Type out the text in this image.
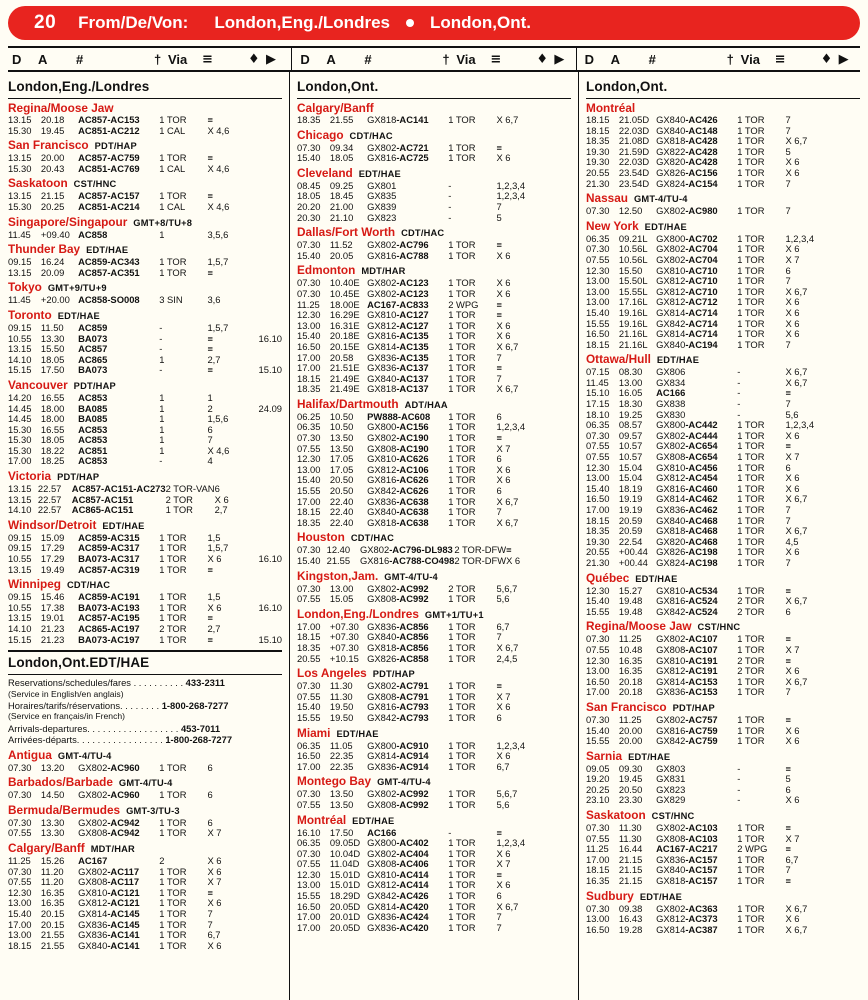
20 From/De/Von: London,Eng./Londres London,Ont.
D A #	† Via ≡	♦ ▶ D A #	† Via ≡	♦ ▶ D A #	† Via ≡	♦ ▶
London,Eng./Londres
Regina/Moose Jaw
13.15	20.18	AC857-AC153	1 TOR	≡	
15.30	19.45	AC851-AC212	1 CAL	X 4,6	
San Francisco PDT/HAP
13.15	20.00	AC857-AC759	1 TOR	≡	
15.30	20.43	AC851-AC769	1 CAL	X 4,6	
Saskatoon CST/HNC
13.15	21.15	AC857-AC157	1 TOR	≡	
15.30	20.25	AC851-AC214	1 CAL	X 4,6	
Singapore/Singapour GMT+8/TU+8
11.45	+09.40	AC858	1	3,5,6	
Thunder Bay EDT/HAE
09.15	16.24	AC859-AC343	1 TOR	1,5,7	
13.15	20.09	AC857-AC351	1 TOR	≡	
Tokyo GMT+9/TU+9
11.45	+20.00	AC858-SO008	3 SIN	3,6	
Toronto EDT/HAE
09.15	11.50	AC859	-	1,5,7	
10.55	13.30	BA073	-	≡	16.10
13.15	15.50	AC857	-	≡	
14.10	18.05	AC865	1	2,7	
15.15	17.50	BA073	-	≡	15.10
Vancouver PDT/HAP
14.20	16.55	AC853	1	1	
14.45	18.00	BA085	1	2	24.09
14.45	18.00	BA085	1	1,5,6	
15.30	16.55	AC853	1	6	
15.30	18.05	AC853	1	7	
15.30	18.22	AC851	1	X 4,6	
17.00	18.25	AC853	-	4	
Victoria PDT/HAP
13.15	22.57	AC857-AC151-AC273	2 TOR-VAN	6	
13.15	22.57	AC857-AC151	2 TOR	X 6	
14.10	22.57	AC865-AC151	1 TOR	2,7	
Windsor/Detroit EDT/HAE
09.15	15.09	AC859-AC315	1 TOR	1,5	
09.15	17.29	AC859-AC317	1 TOR	1,5,7	
10.55	17.29	BA073-AC317	1 TOR	X 6	16.10
13.15	19.49	AC857-AC319	1 TOR	≡	
Winnipeg CDT/HAC
09.15	15.46	AC859-AC191	1 TOR	1,5	
10.55	17.38	BA073-AC193	1 TOR	X 6	16.10
13.15	19.01	AC857-AC195	1 TOR	≡	
14.10	21.23	AC865-AC197	2 TOR	2,7	
15.15	21.23	BA073-AC197	1 TOR	≡	15.10
London,Ont.EDT/HAE
Reservations/schedules/fares . . . . . . . . . . 433-2311
(Service in English/en anglais)
Horaires/tarifs/réservations. . . . . . . . 1-800-268-7277
(Service en français/in French)
Arrivals-departures. . . . . . . . . . . . . . . . . . 453-7011
Arrivées-départs. . . . . . . . . . . . . . . . . 1-800-268-7277
Antigua GMT-4/TU-4
07.30	13.20	GX802-AC960	1 TOR	6	
Barbados/Barbade GMT-4/TU-4
07.30	14.50	GX802-AC960	1 TOR	6	
Bermuda/Bermudes GMT-3/TU-3
07.30	13.30	GX802-AC942	1 TOR	6	
07.55	13.30	GX808-AC942	1 TOR	X 7	
Calgary/Banff MDT/HAR
11.25	15.26	AC167	2	X 6	
07.30	11.20	GX802-AC117	1 TOR	X 6	
07.55	11.20	GX808-AC117	1 TOR	X 7	
12.30	16.35	GX810-AC121	1 TOR	≡	
13.00	16.35	GX812-AC121	1 TOR	X 6	
15.40	20.15	GX814-AC145	1 TOR	7	
17.00	20.15	GX836-AC145	1 TOR	7	
13.00	21.55	GX836-AC141	1 TOR	6,7	
18.15	21.55	GX840-AC141	1 TOR	X 6	
London,Ont.
Calgary/Banff
18.35	21.55	GX818-AC141	1 TOR	X 6,7	
Chicago CDT/HAC
07.30	09.34	GX802-AC721	1 TOR	≡	
15.40	18.05	GX816-AC725	1 TOR	X 6	
Cleveland EDT/HAE
08.45	09.25	GX801	-	1,2,3,4	
18.05	18.45	GX835	-	1,2,3,4	
20.20	21.00	GX839	-	7	
20.30	21.10	GX823	-	5	
Dallas/Fort Worth CDT/HAC
07.30	11.52	GX802-AC796	1 TOR	≡	
15.40	20.05	GX816-AC788	1 TOR	X 6	
Edmonton MDT/HAR
07.30	10.40E	GX802-AC123	1 TOR	X 6	
07.30	10.45E	GX802-AC123	1 TOR	X 6	
11.25	18.00E	AC167-AC833	2 WPG	≡	
12.30	16.29E	GX810-AC127	1 TOR	≡	
13.00	16.31E	GX812-AC127	1 TOR	X 6	
15.40	20.18E	GX816-AC135	1 TOR	X 6	
16.50	20.15E	GX814-AC135	1 TOR	X 6,7	
17.00	20.58	GX836-AC135	1 TOR	7	
17.00	21.51E	GX836-AC137	1 TOR	≡	
18.15	21.49E	GX840-AC137	1 TOR	7	
18.35	21.49E	GX818-AC137	1 TOR	X 6,7	
Halifax/Dartmouth ADT/HAA
06.25	10.50	PW888-AC608	1 TOR	6	
06.35	10.50	GX800-AC156	1 TOR	1,2,3,4	
07.30	13.50	GX802-AC190	1 TOR	≡	
07.55	13.50	GX808-AC190	1 TOR	X 7	
12.30	17.05	GX810-AC626	1 TOR	6	
13.00	17.05	GX812-AC106	1 TOR	X 6	
15.40	20.50	GX816-AC626	1 TOR	X 6	
15.55	20.50	GX842-AC626	1 TOR	6	
17.00	22.40	GX836-AC638	1 TOR	X 6,7	
18.15	22.40	GX840-AC638	1 TOR	7	
18.35	22.40	GX818-AC638	1 TOR	X 6,7	
Houston CDT/HAC
07.30	12.40	GX802-AC796-DL983	2 TOR-DFW	≡	
15.40	21.55	GX816-AC788-CO498	2 TOR-DFW	X 6	
Kingston,Jam. GMT-4/TU-4
07.30	13.00	GX802-AC992	2 TOR	5,6,7	
07.55	15.05	GX808-AC992	1 TOR	5,6	
London,Eng./Londres GMT+1/TU+1
17.00	+07.30	GX836-AC856	1 TOR	6,7	
18.15	+07.30	GX840-AC856	1 TOR	7	
18.35	+07.30	GX818-AC856	1 TOR	X 6,7	
20.55	+10.15	GX826-AC858	1 TOR	2,4,5	
Los Angeles PDT/HAP
07.30	11.30	GX802-AC791	1 TOR	≡	
07.55	11.30	GX808-AC791	1 TOR	X 7	
15.40	19.50	GX816-AC793	1 TOR	X 6	
15.55	19.50	GX842-AC793	1 TOR	6	
Miami EDT/HAE
06.35	11.05	GX800-AC910	1 TOR	1,2,3,4	
16.50	22.35	GX814-AC914	1 TOR	X 6	
17.00	22.35	GX836-AC914	1 TOR	6,7	
Montego Bay GMT-4/TU-4
07.30	13.50	GX802-AC992	1 TOR	5,6,7	
07.55	13.50	GX808-AC992	1 TOR	5,6	
Montréal EDT/HAE
16.10	17.50	AC166	-	≡	
06.35	09.05D	GX800-AC402	1 TOR	1,2,3,4	
07.30	10.04D	GX802-AC404	1 TOR	X 6	
07.55	11.04D	GX808-AC406	1 TOR	X 7	
12.30	15.01D	GX810-AC414	1 TOR	≡	
13.00	15.01D	GX812-AC414	1 TOR	X 6	
15.55	18.29D	GX842-AC426	1 TOR	6	
16.50	20.05D	GX814-AC420	1 TOR	X 6,7	
17.00	20.01D	GX836-AC424	1 TOR	7	
17.00	20.05D	GX836-AC420	1 TOR	7	
London,Ont.
Montréal
18.15	21.05D	GX840-AC426	1 TOR	7	
18.15	22.03D	GX840-AC148	1 TOR	7	
18.35	21.08D	GX818-AC428	1 TOR	X 6,7	
19.30	21.59D	GX822-AC428	1 TOR	5	
19.30	22.03D	GX820-AC428	1 TOR	X 6	
20.55	23.54D	GX826-AC156	1 TOR	X 6	
21.30	23.54D	GX824-AC154	1 TOR	7	
Nassau GMT-4/TU-4
07.30	12.50	GX802-AC980	1 TOR	7	
New York EDT/HAE
06.35	09.21L	GX800-AC702	1 TOR	1,2,3,4	
07.30	10.56L	GX802-AC704	1 TOR	X 6	
07.55	10.56L	GX802-AC704	1 TOR	X 7	
12.30	15.50	GX810-AC710	1 TOR	6	
13.00	15.50L	GX812-AC710	1 TOR	7	
13.00	15.55L	GX812-AC710	1 TOR	X 6,7	
13.00	17.16L	GX812-AC712	1 TOR	X 6	
15.40	19.16L	GX814-AC714	1 TOR	X 6	
15.55	19.16L	GX842-AC714	1 TOR	X 6	
16.50	21.16L	GX814-AC714	1 TOR	X 6	
18.15	21.16L	GX840-AC194	1 TOR	7	
Ottawa/Hull EDT/HAE
07.15	08.30	GX806	-	X 6,7	
11.45	13.00	GX834	-	X 6,7	
15.10	16.05	AC166	-	≡	
17.15	18.30	GX838	-	7	
18.10	19.25	GX830	-	5,6	
06.35	08.57	GX800-AC442	1 TOR	1,2,3,4	
07.30	09.57	GX802-AC444	1 TOR	X 6	
07.55	10.57	GX802-AC654	1 TOR	≡	
07.55	10.57	GX808-AC654	1 TOR	X 7	
12.30	15.04	GX810-AC456	1 TOR	6	
13.00	15.04	GX812-AC454	1 TOR	X 6	
15.40	18.19	GX816-AC460	1 TOR	X 6	
16.50	19.19	GX814-AC462	1 TOR	X 6,7	
17.00	19.19	GX836-AC462	1 TOR	7	
18.15	20.59	GX840-AC468	1 TOR	7	
18.35	20.59	GX818-AC468	1 TOR	X 6,7	
19.30	22.54	GX820-AC468	1 TOR	4,5	
20.55	+00.44	GX826-AC198	1 TOR	X 6	
21.30	+00.44	GX824-AC198	1 TOR	7	
Québec EDT/HAE
12.30	15.27	GX810-AC534	1 TOR	≡	
15.40	19.48	GX816-AC524	2 TOR	X 6,7	
15.55	19.48	GX842-AC524	2 TOR	6	
Regina/Moose Jaw CST/HNC
07.30	11.25	GX802-AC107	1 TOR	≡	
07.55	10.48	GX808-AC107	1 TOR	X 7	
12.30	16.35	GX810-AC191	2 TOR	≡	
13.00	16.35	GX812-AC191	2 TOR	X 6	
16.50	20.18	GX814-AC153	1 TOR	X 6,7	
17.00	20.18	GX836-AC153	1 TOR	7	
San Francisco PDT/HAP
07.30	11.25	GX802-AC757	1 TOR	≡	
15.40	20.00	GX816-AC759	1 TOR	X 6	
15.55	20.00	GX842-AC759	1 TOR	X 6	
Sarnia EDT/HAE
09.05	09.30	GX803	-	≡	
19.20	19.45	GX831	-	5	
20.25	20.50	GX823	-	6	
23.10	23.30	GX829	-	X 6	
Saskatoon CST/HNC
07.30	11.30	GX802-AC103	1 TOR	≡	
07.55	11.30	GX808-AC103	1 TOR	X 7	
11.25	16.44	AC167-AC217	2 WPG	≡	
17.00	21.15	GX836-AC157	1 TOR	6,7	
18.15	21.15	GX840-AC157	1 TOR	7	
16.35	21.15	GX818-AC157	1 TOR	≡	
Sudbury EDT/HAE
07.30	09.38	GX802-AC363	1 TOR	X 6,7	
13.00	16.43	GX812-AC373	1 TOR	X 6	
16.50	19.28	GX814-AC387	1 TOR	X 6,7	
